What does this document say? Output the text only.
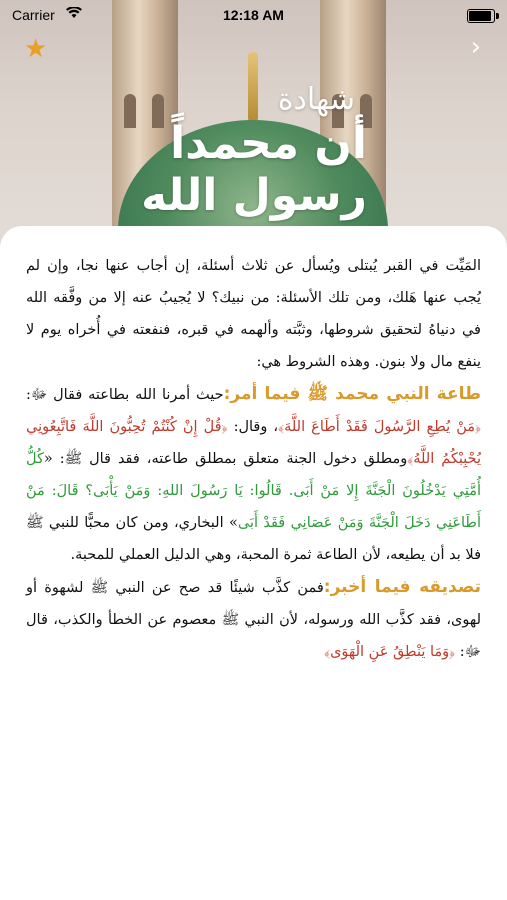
شهادة
أن محمداً
رسول الله
Carrier	12:18 AM
★	›

المَيِّت في القبر يُبتلى ويُسأل عن ثلاث أسئلة، إن أجاب عنها نجا، وإن لم يُجب عنها هَلك، ومن تلك الأسئلة: من نبيك؟ لا يُجيبُ عنه إلا من وفَّقه الله في دنياهُ لتحقيق شروطها، وثبَّته وألهمه في قبره، فنفعته في أُخراه يوم لا ينفع مال ولا بنون. وهذه الشروط هي:

طاعة النبي محمد ﷺ فيما أمر:حيث أمرنا الله بطاعته فقال ﷻ: ﴿مَنْ يُطِعِ الرَّسُولَ فَقَدْ أَطَاعَ اللَّهَ﴾، وقال: ﴿قُلْ إِنْ كُنْتُمْ تُحِبُّونَ اللَّهَ فَاتَّبِعُونِي يُحْبِبْكُمُ اللَّهُ﴾ومطلق دخول الجنة متعلق بمطلق طاعته، فقد قال ﷺ: «كُلُّ أُمَّتِي يَدْخُلُونَ الْجَنَّةَ إِلا مَنْ أَبَى. قَالُوا: يَا رَسُولَ اللهِ: وَمَنْ يَأْبَى؟ قَالَ: مَنْ أَطَاعَنِي دَخَلَ الْجَنَّةَ وَمَنْ عَصَانِي فَقَدْ أَبَى» البخاري، ومن كان محبًّا للنبي ﷺ فلا بد أن يطيعه، لأن الطاعة ثمرة المحبة، وهي الدليل العملي للمحبة.

تصديقه فيما أخبر:فمن كذَّب شيئًا قد صح عن النبي ﷺ لشهوة أو لهوى، فقد كذَّب الله ورسوله، لأن النبي ﷺ معصوم عن الخطأ والكذب، قال ﷻ: ﴿وَمَا يَنْطِقُ عَنِ الْهَوَى﴾
